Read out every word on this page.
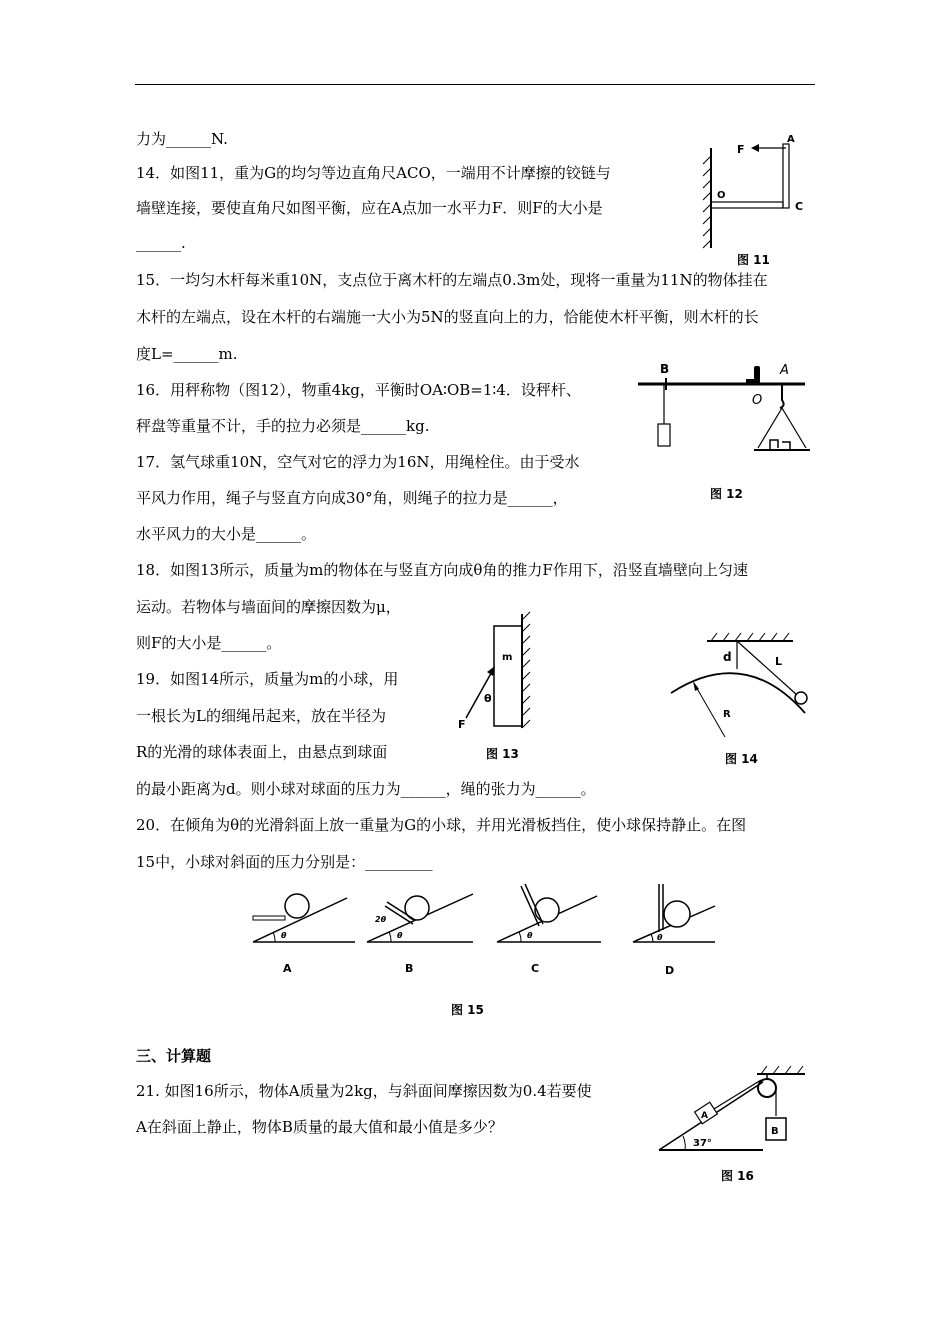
力为______N.
14．如图11，重为G的均匀等边直角尺ACO，一端用不计摩擦的铰链与
墙壁连接，要使直角尺如图平衡，应在A点加一水平力F．则F的大小是
______.
15．一均匀木杆每米重10N，支点位于离木杆的左端点0.3m处，现将一重量为11N的物体挂在
木杆的左端点，设在木杆的右端施一大小为5N的竖直向上的力，恰能使木杆平衡，则木杆的长
度L=______m.
16．用秤称物（图12），物重4kg，平衡时OA∶OB=1∶4．设秤杆、
秤盘等重量不计，手的拉力必须是______kg.
17．氢气球重10N，空气对它的浮力为16N，用绳栓住。由于受水
平风力作用，绳子与竖直方向成30°角，则绳子的拉力是______，
水平风力的大小是______。
18．如图13所示，质量为m的物体在与竖直方向成θ角的推力F作用下，沿竖直墙壁向上匀速
运动。若物体与墙面间的摩擦因数为μ，
则F的大小是______。
19．如图14所示，质量为m的小球，用
一根长为L的细绳吊起来，放在半径为
R的光滑的球体表面上，由悬点到球面
的最小距离为d。则小球对球面的压力为______，绳的张力为______。
20．在倾角为θ的光滑斜面上放一重量为G的小球，并用光滑板挡住，使小球保持静止。在图
15中，小球对斜面的压力分别是：_________
三、计算题
21. 如图16所示，物体A质量为2kg，与斜面间摩擦因数为0.4若要使
A在斜面上静止，物体B质量的最大值和最小值是多少？
F
A
O
C
图 11
B	A
O
图 12
m
θ
F
图 13
d	L
R
图 14
θ
A
2θ
θ
B
θ
C
θ
D
图 15
A
B
37°
图 16
